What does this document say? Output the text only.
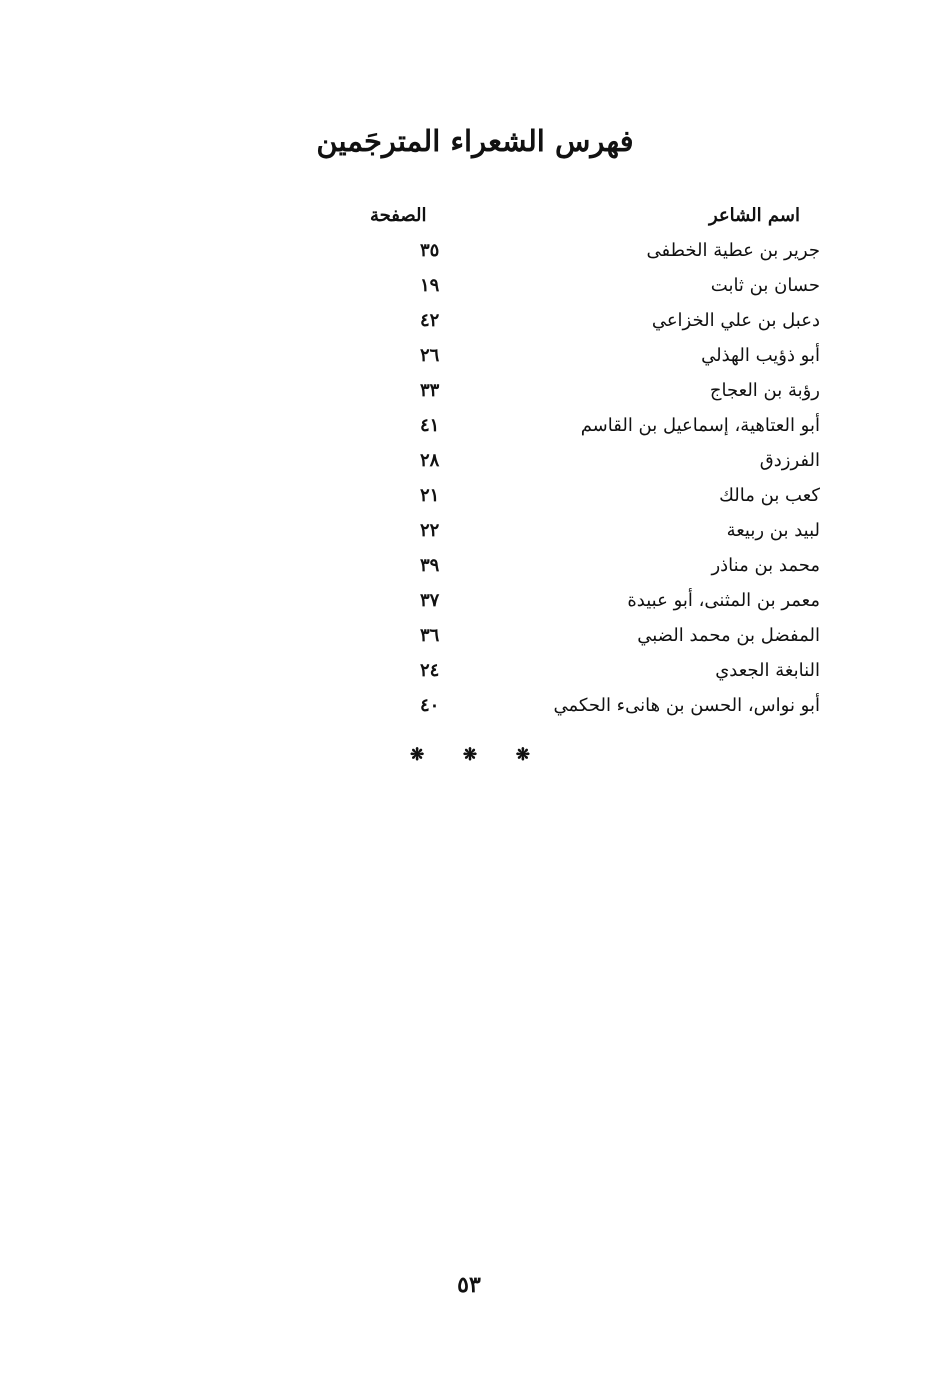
فهرس الشعراء المترجَمين
اسم الشاعر
الصفحة
جرير بن عطية الخطفى
٣٥
حسان بن ثابت
١٩
دعبل بن علي الخزاعي
٤٢
أبو ذؤيب الهذلي
٢٦
رؤبة بن العجاج
٣٣
أبو العتاهية، إسماعيل بن القاسم
٤١
الفرزدق
٢٨
كعب بن مالك
٢١
لبيد بن ربيعة
٢٢
محمد بن مناذر
٣٩
معمر بن المثنى، أبو عبيدة
٣٧
المفضل بن محمد الضبي
٣٦
النابغة الجعدي
٢٤
أبو نواس، الحسن بن هانىء الحكمي
٤٠
❋ ❋ ❋
٥٣
